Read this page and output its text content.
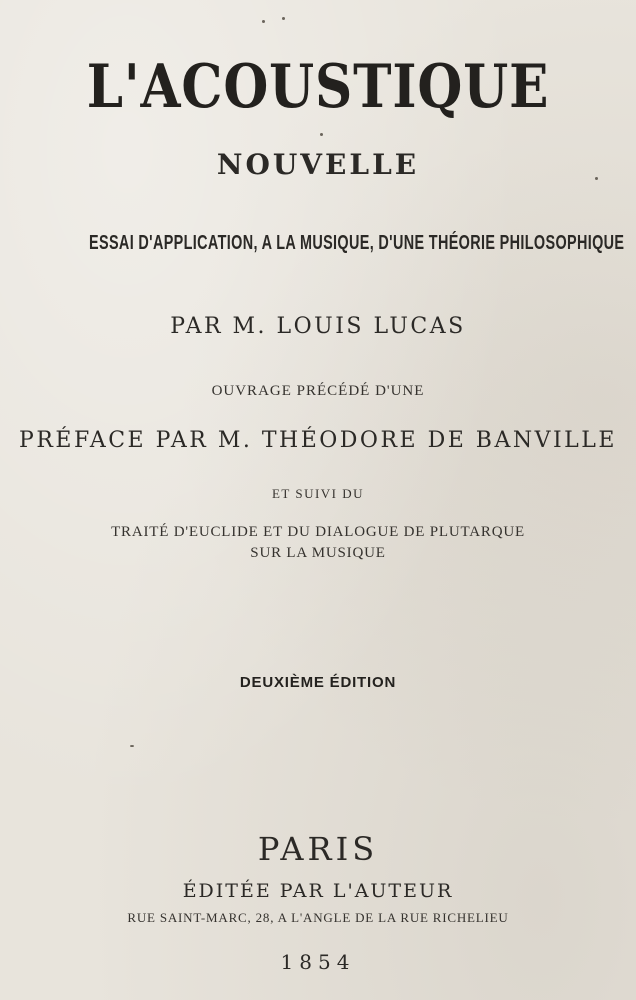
L'ACOUSTIQUE
NOUVELLE
ESSAI D'APPLICATION, A LA MUSIQUE, D'UNE THÉORIE PHILOSOPHIQUE
PAR M. LOUIS LUCAS
OUVRAGE PRÉCÉDÉ D'UNE
PRÉFACE PAR M. THÉODORE DE BANVILLE
ET SUIVI DU
TRAITÉ D'EUCLIDE ET DU DIALOGUE DE PLUTARQUE
SUR LA MUSIQUE
DEUXIÈME ÉDITION
PARIS
ÉDITÉE PAR L'AUTEUR
RUE SAINT-MARC, 28, A L'ANGLE DE LA RUE RICHELIEU
1854
